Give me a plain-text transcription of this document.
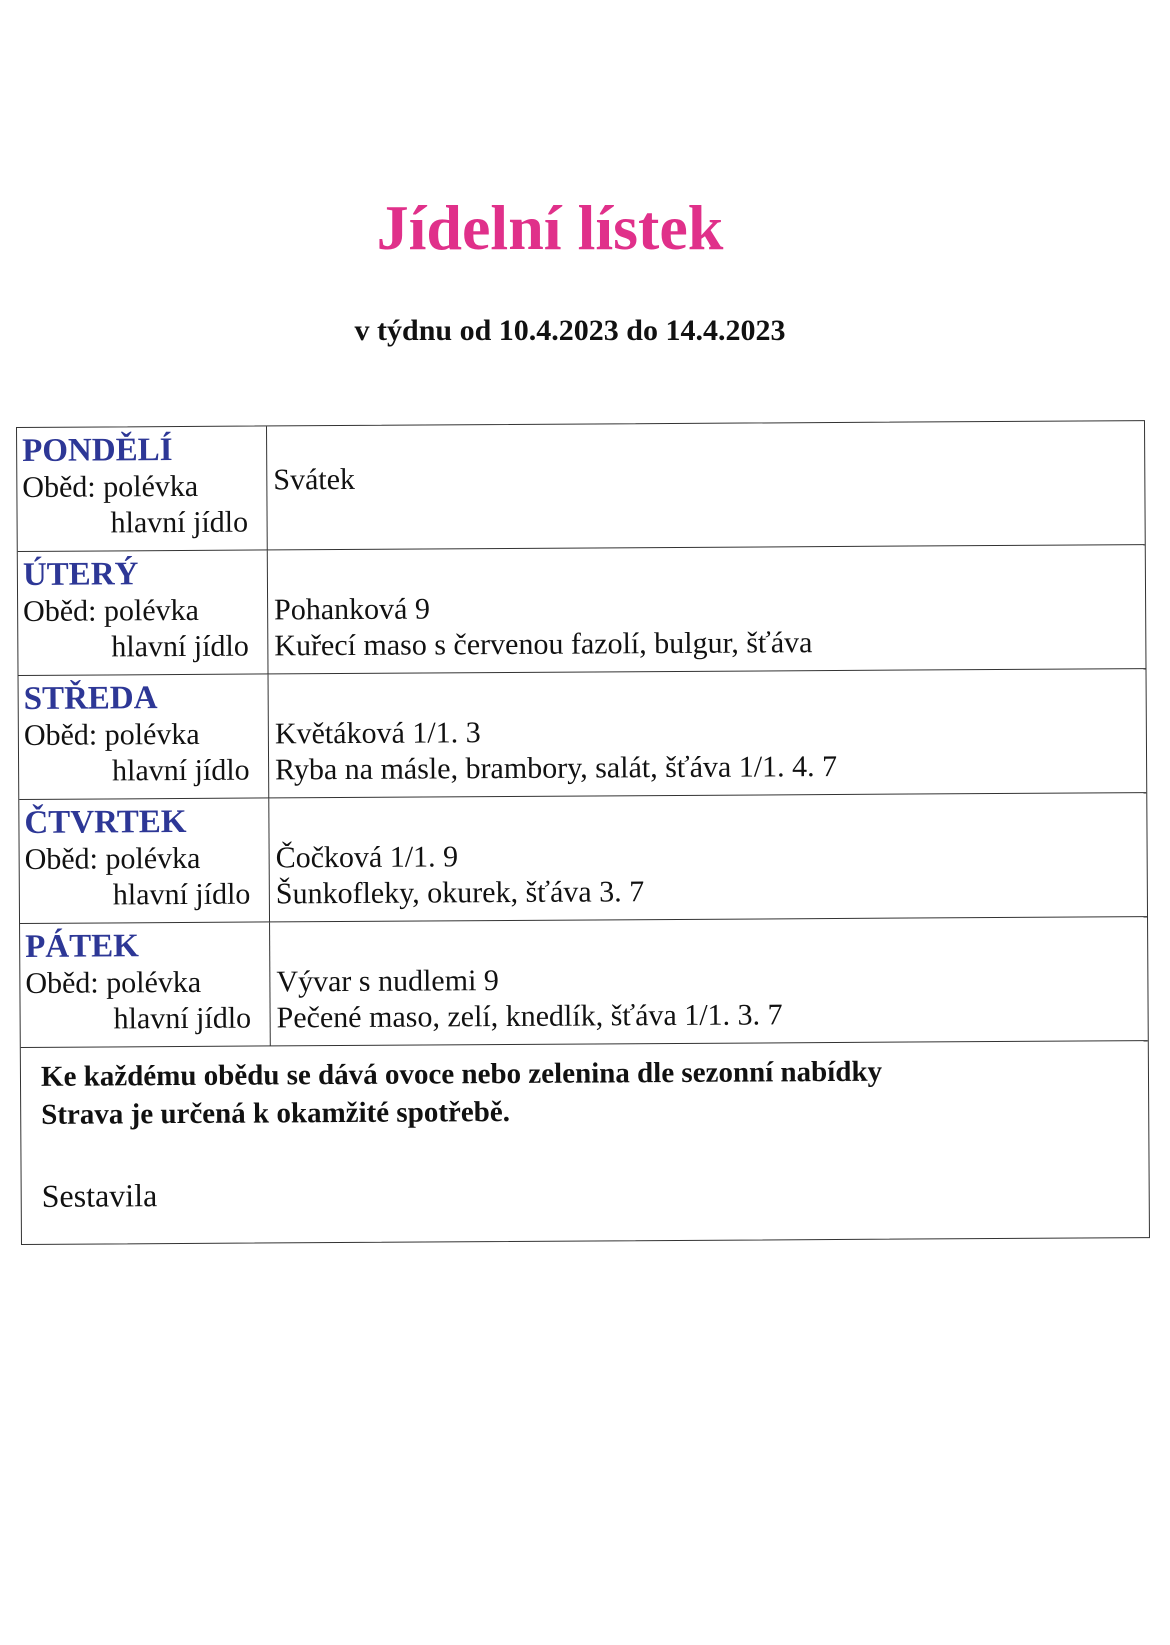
Jídelní lístek
v týdnu od 10.4.2023 do 14.4.2023
PONDĚLÍ
Oběd: polévka
hlavní jídlo
Svátek
ÚTERÝ
Oběd: polévka
hlavní jídlo
Pohanková 9
Kuřecí maso s červenou fazolí, bulgur, šťáva
STŘEDA
Oběd: polévka
hlavní jídlo
Květáková 1/1. 3
Ryba na másle, brambory, salát, šťáva 1/1. 4. 7
ČTVRTEK
Oběd: polévka
hlavní jídlo
Čočková 1/1. 9
Šunkofleky, okurek, šťáva 3. 7
PÁTEK
Oběd: polévka
hlavní jídlo
Vývar s nudlemi 9
Pečené maso, zelí, knedlík, šťáva 1/1. 3. 7
Ke každému obědu se dává ovoce nebo zelenina dle sezonní nabídky
Strava je určená k okamžité spotřebě.
Sestavila
